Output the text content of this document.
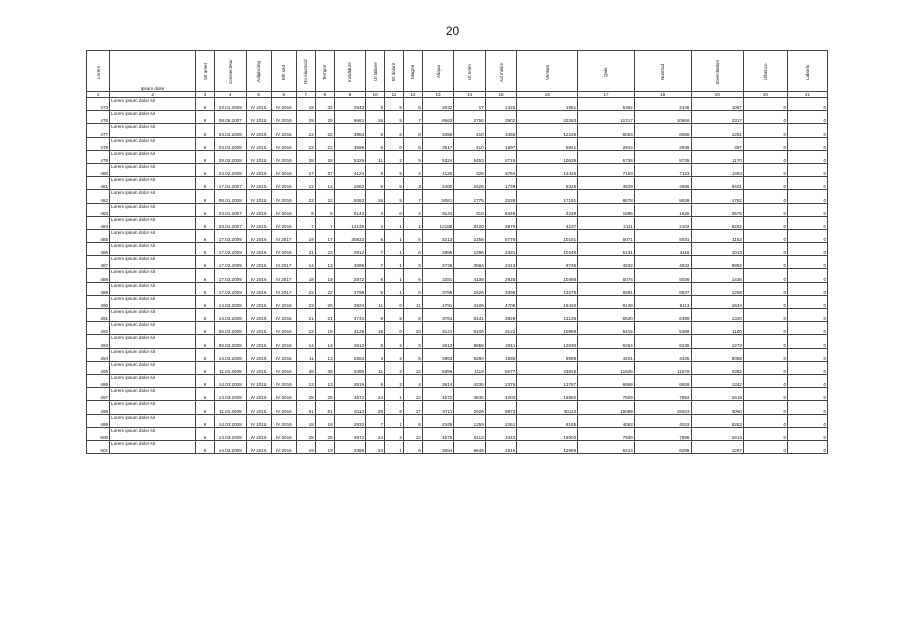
20
Lorem	Ipsum dolor	Sit amet	Consectetur	Adipiscing	Elit sed	Do eiusmod	Tempor	Incididunt	Ut labore	Et dolore	Magna	Aliqua	Ut enim	Ad minim	Veniam	Quis	Nostrud	Exercitation	Ullamco	Laboris
1	2	3	4	5	6	7	8	9	10	11	12	13	14	15	16	17	18	19	20	21
473	Lorem ipsum dolor sit	6	23.01.2009	IV 2016	IV 2016	18	32	2543	9	5	6	2032	17	1325	1961	5362	3146	1087	0	0
476	Lorem ipsum dolor sit	6	08.06.2007	IV 2016	IV 2016	29	29	6661	16	5	7	6563	2756	3902	22283	11317	10866	2317	0	0
477	Lorem ipsum dolor sit	6	04.04.2008	IV 2016	IV 2016	22	22	3953	6	6	8	3456	410	3458	12226	6063	6058	1251	0	0
478	Lorem ipsum dolor sit	6	04.04.2008	IV 2016	IV 2016	22	22	3598	6	0	6	3517	410	1697	5921	2943	2938	397	0	0
479	Lorem ipsum dolor sit	6	29.02.2008	IV 2016	IV 2016	28	28	5326	11	2	9	5324	6453	2715	10635	5736	5735	1170	0	0
480	Lorem ipsum dolor sit	6	24.02.2008	IV 2016	IV 2016	27	27	4124	9	5	4	4126	428	3764	14425	7153	7123	1453	0	0
481	Lorem ipsum dolor sit	6	17.01.2007	IV 2016	IV 2015	12	12	2663	5	5	3	2460	1526	1739	8325	4629	4686	9401	0	0
482	Lorem ipsum dolor sit	6	06.01.2008	IV 2016	IV 2016	22	22	5063	16	5	7	5061	1776	3238	17191	8678	8639	1762	0	0
483	Lorem ipsum dolor sit	6	23.01.2007	IV 2016	IV 2016	8	8	9144	4	0	4	9144	410	9448	3239	1695	1625	3576	0	0
484	Lorem ipsum dolor sit	6	23.01.2007	IV 2016	IV 2015	7	7	12139	2	1	1	12188	8420	3570	4237	2111	2102	8292	0	0
485	Lorem ipsum dolor sit	6	17.02.2009	IV 2016	III 2017	19	17	30833	6	1	5	3213	2258	5779	10191	5071	5031	1152	0	0
486	Lorem ipsum dolor sit	6	17.02.2009	IV 2016	IV 2016	21	23	2912	7	1	6	2986	1296	2331	10246	5131	4116	1013	0	0
487	Lorem ipsum dolor sit	6	17.02.2009	IV 2016	III 2017	14	13	3698	7	1	6	2736	3684	2413	9735	4832	4832	9862	0	0
488	Lorem ipsum dolor sit	6	17.02.2009	IV 2016	III 2017	18	18	2872	9	1	6	3281	4139	2928	10468	5074	5036	1436	0	0
489	Lorem ipsum dolor sit	6	17.02.2009	IV 2016	III 2017	22	22	3798	5	1	8	3789	1626	3396	13275	6581	6537	1258	0	0
490	Lorem ipsum dolor sit	6	14.03.2008	IV 2016	IV 2016	23	25	3924	11	0	11	4791	4106	4706	16426	8148	8113	1634	0	0
491	Lorem ipsum dolor sit	6	14.03.2008	IV 2016	IV 2016	21	21	3744	9	5	6	3781	8141	2829	13135	6520	6499	1320	0	0
492	Lorem ipsum dolor sit	6	06.03.2008	IV 2016	IV 2016	22	19	3129	16	0	10	3121	6106	3122	10969	5415	5389	1100	0	0
493	Lorem ipsum dolor sit	6	06.03.2008	IV 2016	IV 2016	14	14	2613	8	2	6	2613	8658	2811	12630	6264	6238	1273	0	0
494	Lorem ipsum dolor sit	6	14.03.2008	IV 2016	IV 2016	11	13	2563	3	2	5	2963	9260	1635	8998	4401	4425	9058	0	0
495	Lorem ipsum dolor sit	6	11.03.2008	IV 2016	IV 2016	36	38	6390	11	2	12	6396	1119	5077	23625	11828	11578	2392	0	0
496	Lorem ipsum dolor sit	6	14.03.2008	IV 2016	IV 2016	13	13	3819	5	3	4	3814	4236	2376	13767	6969	6928	1342	0	0
497	Lorem ipsum dolor sit	6	14.03.2008	IV 2016	IV 2016	25	28	4572	14	1	12	4572	3630	4203	15982	7929	7894	1618	0	0
498	Lorem ipsum dolor sit	6	11.03.2008	IV 2016	IV 2016	61	61	9113	29	6	17	9711	2626	9873	30113	15089	15023	3060	0	0
499	Lorem ipsum dolor sit	6	14.03.2008	IV 2016	IV 2016	18	18	2833	7	1	6	2345	1259	2261	8185	4063	4043	8253	0	0
500	Lorem ipsum dolor sit	6	14.03.2008	IV 2016	IV 2016	25	28	3972	14	2	12	4575	8113	3443	16003	7939	7896	1613	0	0
501	Lorem ipsum dolor sit	6	14.03.2008	IV 2016	IV 2016	19	19	3396	10	1	6	3554	8646	1910	12969	6224	6298	1287	0	0
